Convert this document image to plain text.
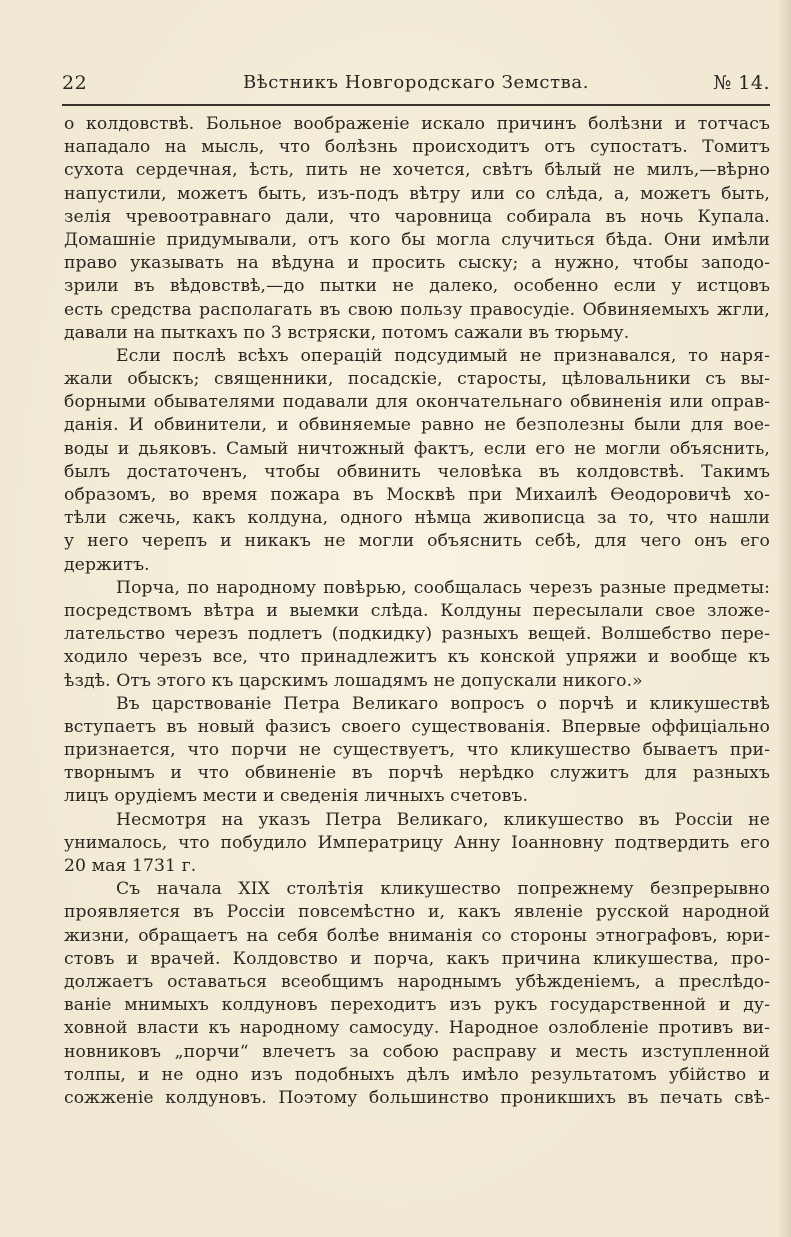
22	Вѣстникъ Новгородскаго Земства.	№ 14.
о колдовствѣ. Больное воображеніе искало причинъ болѣзни и тотчасъ
нападало на мысль, что болѣзнь происходитъ отъ супостатъ. Томитъ
сухота сердечная, ѣсть, пить не хочется, свѣтъ бѣлый не милъ,—вѣрно
напустили, можетъ быть, изъ-подъ вѣтру или со слѣда, а, можетъ быть,
зелія чревоотравнаго дали, что чаровница собирала въ ночь Купала.
Домашніе придумывали, отъ кого бы могла случиться бѣда. Они имѣли
право указывать на вѣдуна и просить сыску; а нужно, чтобы заподо-
зрили въ вѣдовствѣ,—до пытки не далеко, особенно если у истцовъ
есть средства располагать въ свою пользу правосудіе. Обвиняемыхъ жгли,
давали на пыткахъ по 3 встряски, потомъ сажали въ тюрьму.
Если послѣ всѣхъ операцій подсудимый не признавался, то наря-
жали обыскъ; священники, посадскіе, старосты, цѣловальники съ вы-
борными обывателями подавали для окончательнаго обвиненія или оправ-
данія. И обвинители, и обвиняемые равно не безполезны были для вое-
воды и дьяковъ. Самый ничтожный фактъ, если его не могли объяснить,
былъ достаточенъ, чтобы обвинить человѣка въ колдовствѣ. Такимъ
образомъ, во время пожара въ Москвѣ при Михаилѣ Ѳеодоровичѣ хо-
тѣли сжечь, какъ колдуна, одного нѣмца живописца за то, что нашли
у него черепъ и никакъ не могли объяснить себѣ, для чего онъ его
держитъ.
Порча, по народному повѣрью, сообщалась черезъ разные предметы:
посредствомъ вѣтра и выемки слѣда. Колдуны пересылали свое зложе-
лательство черезъ подлетъ (подкидку) разныхъ вещей. Волшебство пере-
ходило черезъ все, что принадлежитъ къ конской упряжи и вообще къ
ѣздѣ. Отъ этого къ царскимъ лошадямъ не допускали никого.»
Въ царствованіе Петра Великаго вопросъ о порчѣ и кликушествѣ
вступаетъ въ новый фазисъ своего существованія. Впервые оффиціально
признается, что порчи не существуетъ, что кликушество бываетъ при-
творнымъ и что обвиненіе въ порчѣ нерѣдко служитъ для разныхъ
лицъ орудіемъ мести и сведенія личныхъ счетовъ.
Несмотря на указъ Петра Великаго, кликушество въ Россіи не
унималось, что побудило Императрицу Анну Іоанновну подтвердить его
20 мая 1731 г.
Съ начала XIX столѣтія кликушество попрежнему безпрерывно
проявляется въ Россіи повсемѣстно и, какъ явленіе русской народной
жизни, обращаетъ на себя болѣе вниманія со стороны этнографовъ, юри-
стовъ и врачей. Колдовство и порча, какъ причина кликушества, про-
должаетъ оставаться всеобщимъ народнымъ убѣжденіемъ, а преслѣдо-
ваніе мнимыхъ колдуновъ переходитъ изъ рукъ государственной и ду-
ховной власти къ народному самосуду. Народное озлобленіе противъ ви-
новниковъ „порчи“ влечетъ за собою расправу и месть изступленной
толпы, и не одно изъ подобныхъ дѣлъ имѣло результатомъ убійство и
сожженіе колдуновъ. Поэтому большинство проникшихъ въ печать свѣ-
